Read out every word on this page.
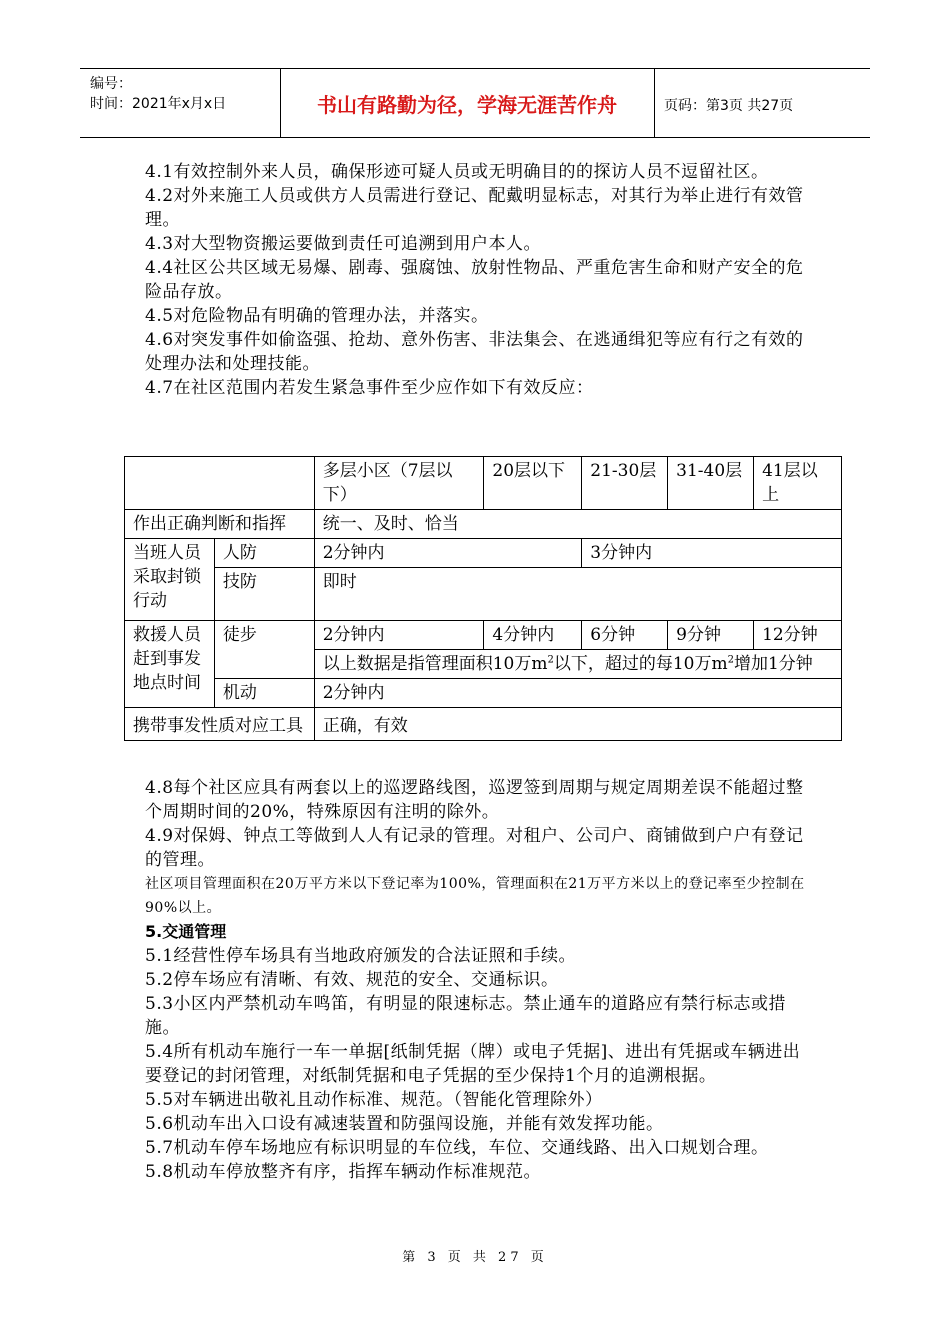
编号：
时间：2021年x月x日	书山有路勤为径，学海无涯苦作舟	页码：第3页 共27页

4.1有效控制外来人员，确保形迹可疑人员或无明确目的的探访人员不逗留社区。

4.2对外来施工人员或供方人员需进行登记、配戴明显标志，对其行为举止进行有效管理。

4.3对大型物资搬运要做到责任可追溯到用户本人。

4.4社区公共区域无易爆、剧毒、强腐蚀、放射性物品、严重危害生命和财产安全的危险品存放。

4.5对危险物品有明确的管理办法，并落实。

4.6对突发事件如偷盗强、抢劫、意外伤害、非法集会、在逃通缉犯等应有行之有效的处理办法和处理技能。

4.7在社区范围内若发生紧急事件至少应作如下有效反应：

		多层小区（7层以下）	20层以下	21-30层	31-40层	41层以上
作出正确判断和指挥		统一、及时、恰当				
当班人员采取封锁行动	人防	2分钟内		3分钟内		
	技防	即时				
救援人员赶到事发地点时间	徒步	2分钟内	4分钟内	6分钟	9分钟	12分钟
		以上数据是指管理面积10万$m^2$以下，超过的每10万$m^2$增加1分钟				
	机动	2分钟内				
携带事发性质对应工具		正确，有效				

4.8每个社区应具有两套以上的巡逻路线图，巡逻签到周期与规定周期差误不能超过整个周期时间的20%，特殊原因有注明的除外。

4.9对保姆、钟点工等做到人人有记录的管理。对租户、公司户、商铺做到户户有登记的管理。

社区项目管理面积在20万平方米以下登记率为100%，管理面积在21万平方米以上的登记率至少控制在90%以上。

5.交通管理

5.1经营性停车场具有当地政府颁发的合法证照和手续。

5.2停车场应有清晰、有效、规范的安全、交通标识。

5.3小区内严禁机动车鸣笛，有明显的限速标志。禁止通车的道路应有禁行标志或措施。

5.4所有机动车施行一车一单据[纸制凭据（牌）或电子凭据]、进出有凭据或车辆进出要登记的封闭管理，对纸制凭据和电子凭据的至少保持1个月的追溯根据。

5.5对车辆进出敬礼且动作标准、规范。（智能化管理除外）

5.6机动车出入口设有减速装置和防强闯设施，并能有效发挥功能。

5.7机动车停车场地应有标识明显的车位线，车位、交通线路、出入口规划合理。

5.8机动车停放整齐有序，指挥车辆动作标准规范。

第 3 页 共 27 页
